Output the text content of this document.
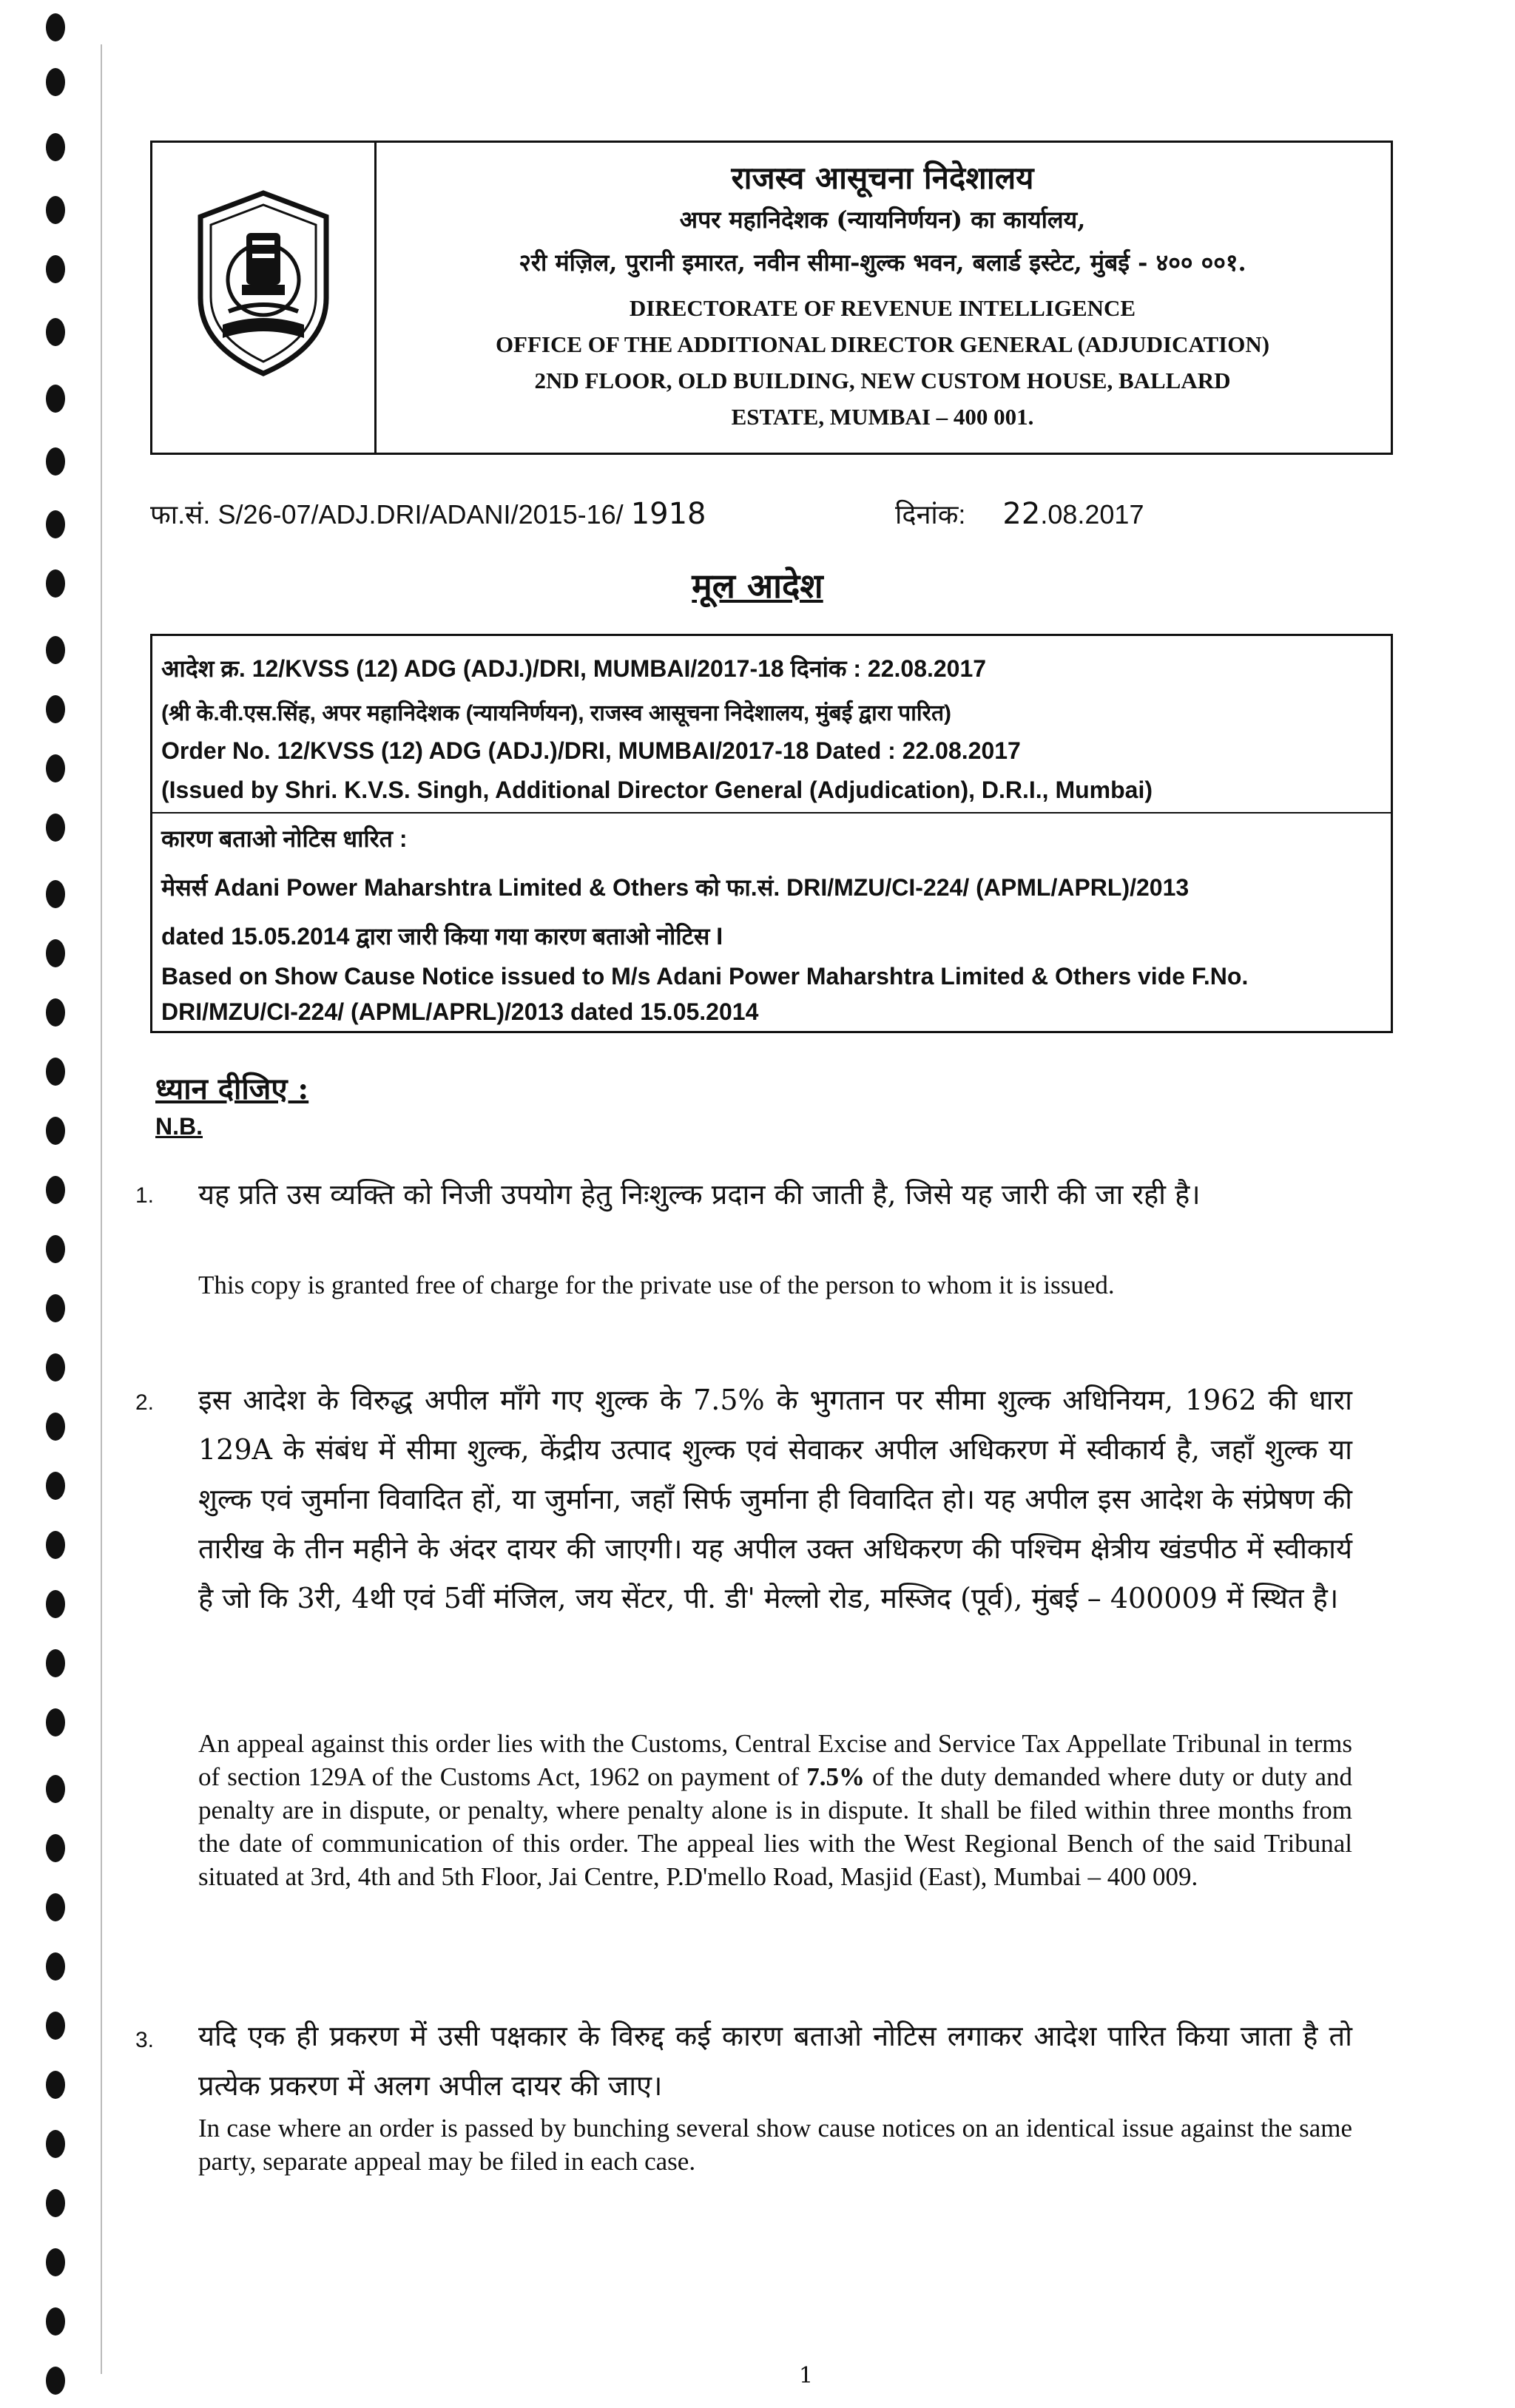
राजस्व आसूचना निदेशालय
अपर महानिदेशक (न्यायनिर्णयन) का कार्यालय,
२री मंज़िल, पुरानी इमारत, नवीन सीमा-शुल्क भवन, बलार्ड इस्टेट, मुंबई - ४०० ००१.
DIRECTORATE OF REVENUE INTELLIGENCE
OFFICE OF THE ADDITIONAL DIRECTOR GENERAL (ADJUDICATION)
2ND FLOOR, OLD BUILDING, NEW CUSTOM HOUSE, BALLARD
ESTATE, MUMBAI – 400 001.
फा.सं. S/26-07/ADJ.DRI/ADANI/2015-16/ 1918	दिनांक: 22.08.2017
मूल आदेश
आदेश क्र. 12/KVSS (12) ADG (ADJ.)/DRI, MUMBAI/2017-18 दिनांक : 22.08.2017
(श्री के.वी.एस.सिंह, अपर महानिदेशक (न्यायनिर्णयन), राजस्व आसूचना निदेशालय, मुंबई द्वारा पारित)
Order No. 12/KVSS (12) ADG (ADJ.)/DRI, MUMBAI/2017-18 Dated : 22.08.2017
(Issued by Shri. K.V.S. Singh, Additional Director General (Adjudication), D.R.I., Mumbai)
कारण बताओ नोटिस धारित :
मेसर्स Adani Power Maharshtra Limited & Others को फा.सं. DRI/MZU/CI-224/ (APML/APRL)/2013
dated 15.05.2014 द्वारा जारी किया गया कारण बताओ नोटिस I
Based on Show Cause Notice issued to M/s Adani Power Maharshtra Limited & Others vide F.No.
DRI/MZU/CI-224/ (APML/APRL)/2013 dated 15.05.2014
ध्यान दीजिए :
N.B.
1. यह प्रति उस व्यक्ति को निजी उपयोग हेतु निःशुल्क प्रदान की जाती है, जिसे यह जारी की जा रही है।
This copy is granted free of charge for the private use of the person to whom it is issued.
2. इस आदेश के विरुद्ध अपील माँगे गए शुल्क के 7.5% के भुगतान पर सीमा शुल्क अधिनियम, 1962 की धारा 129A के संबंध में सीमा शुल्क, केंद्रीय उत्पाद शुल्क एवं सेवाकर अपील अधिकरण में स्वीकार्य है, जहाँ शुल्क या शुल्क एवं जुर्माना विवादित हों, या जुर्माना, जहाँ सिर्फ जुर्माना ही विवादित हो। यह अपील इस आदेश के संप्रेषण की तारीख के तीन महीने के अंदर दायर की जाएगी। यह अपील उक्त अधिकरण की पश्चिम क्षेत्रीय खंडपीठ में स्वीकार्य है जो कि 3री, 4थी एवं 5वीं मंजिल, जय सेंटर, पी. डी' मेल्लो रोड, मस्जिद (पूर्व), मुंबई – 400009 में स्थित है।
An appeal against this order lies with the Customs, Central Excise and Service Tax Appellate Tribunal in terms of section 129A of the Customs Act, 1962 on payment of 7.5% of the duty demanded where duty or duty and penalty are in dispute, or penalty, where penalty alone is in dispute. It shall be filed within three months from the date of communication of this order. The appeal lies with the West Regional Bench of the said Tribunal situated at 3rd, 4th and 5th Floor, Jai Centre, P.D'mello Road, Masjid (East), Mumbai – 400 009.
3. यदि एक ही प्रकरण में उसी पक्षकार के विरुद्द कई कारण बताओ नोटिस लगाकर आदेश पारित किया जाता है तो प्रत्येक प्रकरण में अलग अपील दायर की जाए।
In case where an order is passed by bunching several show cause notices on an identical issue against the same party, separate appeal may be filed in each case.
1
